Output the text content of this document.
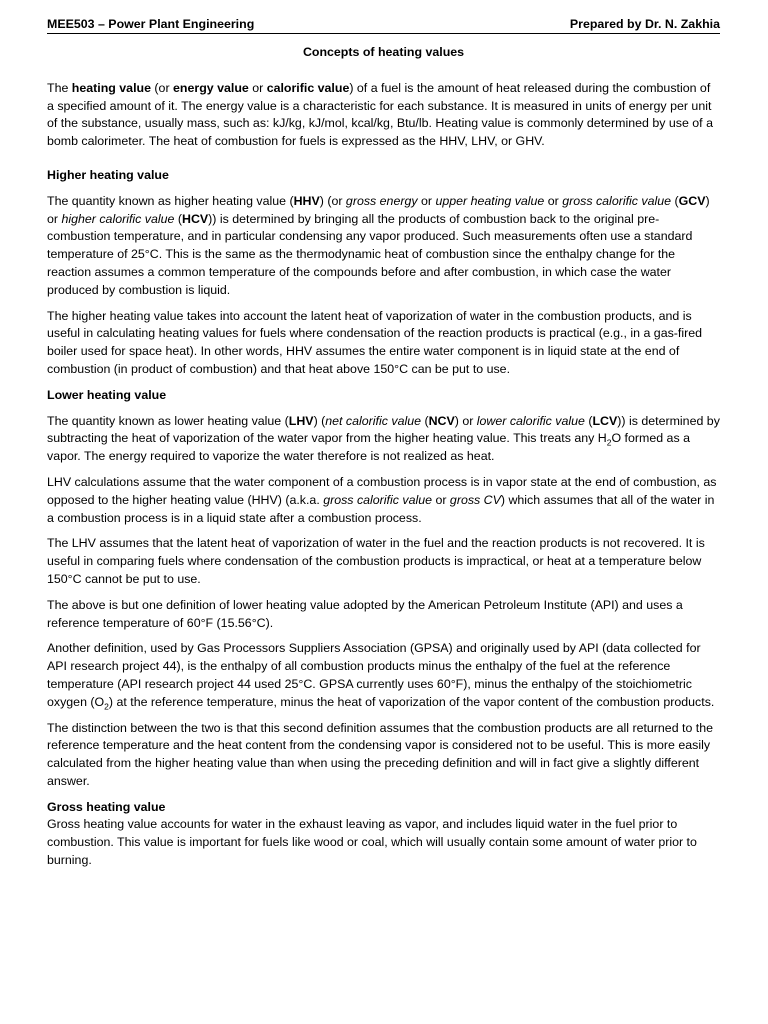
MEE503 – Power Plant Engineering	Prepared by Dr. N. Zakhia
Concepts of heating values

The heating value (or energy value or calorific value) of a fuel is the amount of heat released during the combustion of a specified amount of it. The energy value is a characteristic for each substance. It is measured in units of energy per unit of the substance, usually mass, such as: kJ/kg, kJ/mol, kcal/kg, Btu/lb. Heating value is commonly determined by use of a bomb calorimeter. The heat of combustion for fuels is expressed as the HHV, LHV, or GHV.

Higher heating value

The quantity known as higher heating value (HHV) (or gross energy or upper heating value or gross calorific value (GCV) or higher calorific value (HCV)) is determined by bringing all the products of combustion back to the original pre-combustion temperature, and in particular condensing any vapor produced. Such measurements often use a standard temperature of 25°C. This is the same as the thermodynamic heat of combustion since the enthalpy change for the reaction assumes a common temperature of the compounds before and after combustion, in which case the water produced by combustion is liquid.

The higher heating value takes into account the latent heat of vaporization of water in the combustion products, and is useful in calculating heating values for fuels where condensation of the reaction products is practical (e.g., in a gas-fired boiler used for space heat). In other words, HHV assumes the entire water component is in liquid state at the end of combustion (in product of combustion) and that heat above 150°C can be put to use.

Lower heating value

The quantity known as lower heating value (LHV) (net calorific value (NCV) or lower calorific value (LCV)) is determined by subtracting the heat of vaporization of the water vapor from the higher heating value. This treats any $H_2O$ formed as a vapor. The energy required to vaporize the water therefore is not realized as heat.

LHV calculations assume that the water component of a combustion process is in vapor state at the end of combustion, as opposed to the higher heating value (HHV) (a.k.a. gross calorific value or gross CV) which assumes that all of the water in a combustion process is in a liquid state after a combustion process.

The LHV assumes that the latent heat of vaporization of water in the fuel and the reaction products is not recovered. It is useful in comparing fuels where condensation of the combustion products is impractical, or heat at a temperature below 150°C cannot be put to use.

The above is but one definition of lower heating value adopted by the American Petroleum Institute (API) and uses a reference temperature of 60°F (15.56°C).

Another definition, used by Gas Processors Suppliers Association (GPSA) and originally used by API (data collected for API research project 44), is the enthalpy of all combustion products minus the enthalpy of the fuel at the reference temperature (API research project 44 used 25°C. GPSA currently uses 60°F), minus the enthalpy of the stoichiometric oxygen $(O_2)$ at the reference temperature, minus the heat of vaporization of the vapor content of the combustion products.

The distinction between the two is that this second definition assumes that the combustion products are all returned to the reference temperature and the heat content from the condensing vapor is considered not to be useful. This is more easily calculated from the higher heating value than when using the preceding definition and will in fact give a slightly different answer.

Gross heating value

Gross heating value accounts for water in the exhaust leaving as vapor, and includes liquid water in the fuel prior to combustion. This value is important for fuels like wood or coal, which will usually contain some amount of water prior to burning.
